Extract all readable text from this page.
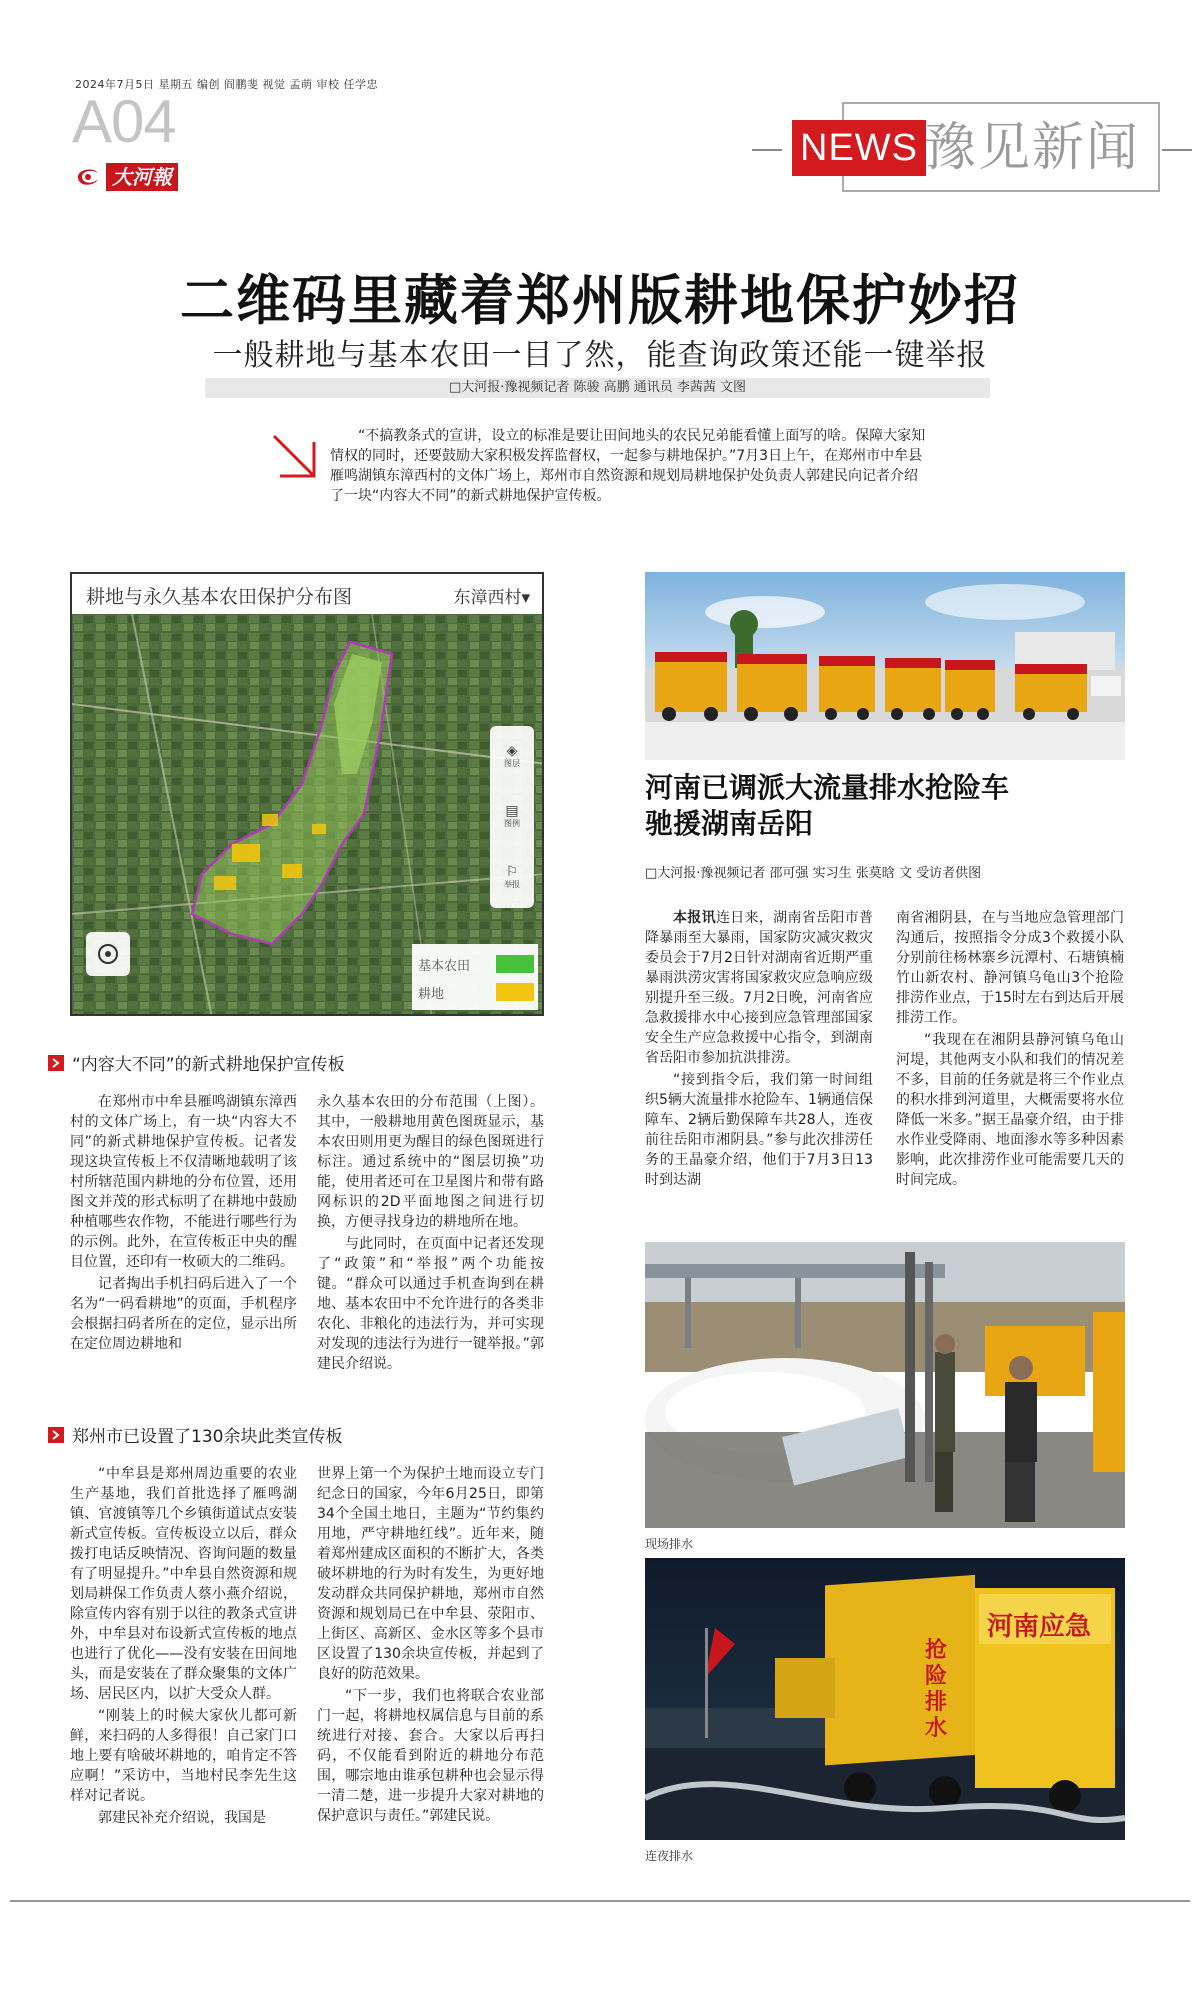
2024年7月5日 星期五 编创 阎鹏斐 视觉 孟萌 审校 任学忠
A04
大河報
NEWS 豫见新闻
二维码里藏着郑州版耕地保护妙招
一般耕地与基本农田一目了然，能查询政策还能一键举报
□大河报·豫视频记者 陈骏 高鹏 通讯员 李茜茜 文图
“不搞教条式的宣讲，设立的标准是要让田间地头的农民兄弟能看懂上面写的啥。保障大家知情权的同时，还要鼓励大家积极发挥监督权，一起参与耕地保护。”7月3日上午，在郑州市中牟县雁鸣湖镇东漳西村的文体广场上，郑州市自然资源和规划局耕地保护处负责人郭建民向记者介绍了一块“内容大不同”的新式耕地保护宣传板。
耕地与永久基本农田保护分布图	东漳西村▾
◈
图层
▤
图例
⚐
举报
基本农田
耕地
“内容大不同”的新式耕地保护宣传板

在郑州市中牟县雁鸣湖镇东漳西村的文体广场上，有一块“内容大不同”的新式耕地保护宣传板。记者发现这块宣传板上不仅清晰地载明了该村所辖范围内耕地的分布位置，还用图文并茂的形式标明了在耕地中鼓励种植哪些农作物，不能进行哪些行为的示例。此外，在宣传板正中央的醒目位置，还印有一枚硕大的二维码。

记者掏出手机扫码后进入了一个名为“一码看耕地”的页面，手机程序会根据扫码者所在的定位，显示出所在定位周边耕地和

永久基本农田的分布范围（上图）。其中，一般耕地用黄色图斑显示，基本农田则用更为醒目的绿色图斑进行标注。通过系统中的“图层切换”功能，使用者还可在卫星图片和带有路网标识的2D平面地图之间进行切换，方便寻找身边的耕地所在地。

与此同时，在页面中记者还发现了“政策”和“举报”两个功能按键。“群众可以通过手机查询到在耕地、基本农田中不允许进行的各类非农化、非粮化的违法行为，并可实现对发现的违法行为进行一键举报。”郭建民介绍说。

郑州市已设置了130余块此类宣传板

“中牟县是郑州周边重要的农业生产基地，我们首批选择了雁鸣湖镇、官渡镇等几个乡镇街道试点安装新式宣传板。宣传板设立以后，群众拨打电话反映情况、咨询问题的数量有了明显提升。”中牟县自然资源和规划局耕保工作负责人蔡小燕介绍说，除宣传内容有别于以往的教条式宣讲外，中牟县对布设新式宣传板的地点也进行了优化——没有安装在田间地头，而是安装在了群众聚集的文体广场、居民区内，以扩大受众人群。

“刚装上的时候大家伙儿都可新鲜，来扫码的人多得很！自己家门口地上要有啥破坏耕地的，咱肯定不答应啊！”采访中，当地村民李先生这样对记者说。

郭建民补充介绍说，我国是

世界上第一个为保护土地而设立专门纪念日的国家，今年6月25日，即第34个全国土地日，主题为“节约集约用地，严守耕地红线”。近年来，随着郑州建成区面积的不断扩大，各类破坏耕地的行为时有发生，为更好地发动群众共同保护耕地，郑州市自然资源和规划局已在中牟县、荥阳市、上街区、高新区、金水区等多个县市区设置了130余块宣传板，并起到了良好的防范效果。

“下一步，我们也将联合农业部门一起，将耕地权属信息与目前的系统进行对接、套合。大家以后再扫码，不仅能看到附近的耕地分布范围，哪宗地由谁承包耕种也会显示得一清二楚，进一步提升大家对耕地的保护意识与责任。”郭建民说。

河南已调派大流量排水抢险车
驰援湖南岳阳
□大河报·豫视频记者 邵可强 实习生 张莫晗 文 受访者供图

本报讯连日来，湖南省岳阳市普降暴雨至大暴雨，国家防灾减灾救灾委员会于7月2日针对湖南省近期严重暴雨洪涝灾害将国家救灾应急响应级别提升至三级。7月2日晚，河南省应急救援排水中心接到应急管理部国家安全生产应急救援中心指令，到湖南省岳阳市参加抗洪排涝。

“接到指令后，我们第一时间组织5辆大流量排水抢险车、1辆通信保障车、2辆后勤保障车共28人，连夜前往岳阳市湘阴县。”参与此次排涝任务的王晶豪介绍，他们于7月3日13时到达湖

南省湘阴县，在与当地应急管理部门沟通后，按照指令分成3个救援小队分别前往杨林寨乡沅潭村、石塘镇楠竹山新农村、静河镇乌龟山3个抢险排涝作业点，于15时左右到达后开展排涝工作。

“我现在在湘阴县静河镇乌龟山河堤，其他两支小队和我们的情况差不多，目前的任务就是将三个作业点的积水排到河道里，大概需要将水位降低一米多。”据王晶豪介绍，由于排水作业受降雨、地面渗水等多种因素影响，此次排涝作业可能需要几天的时间完成。

现场排水
河南应急
抢险排水
连夜排水
